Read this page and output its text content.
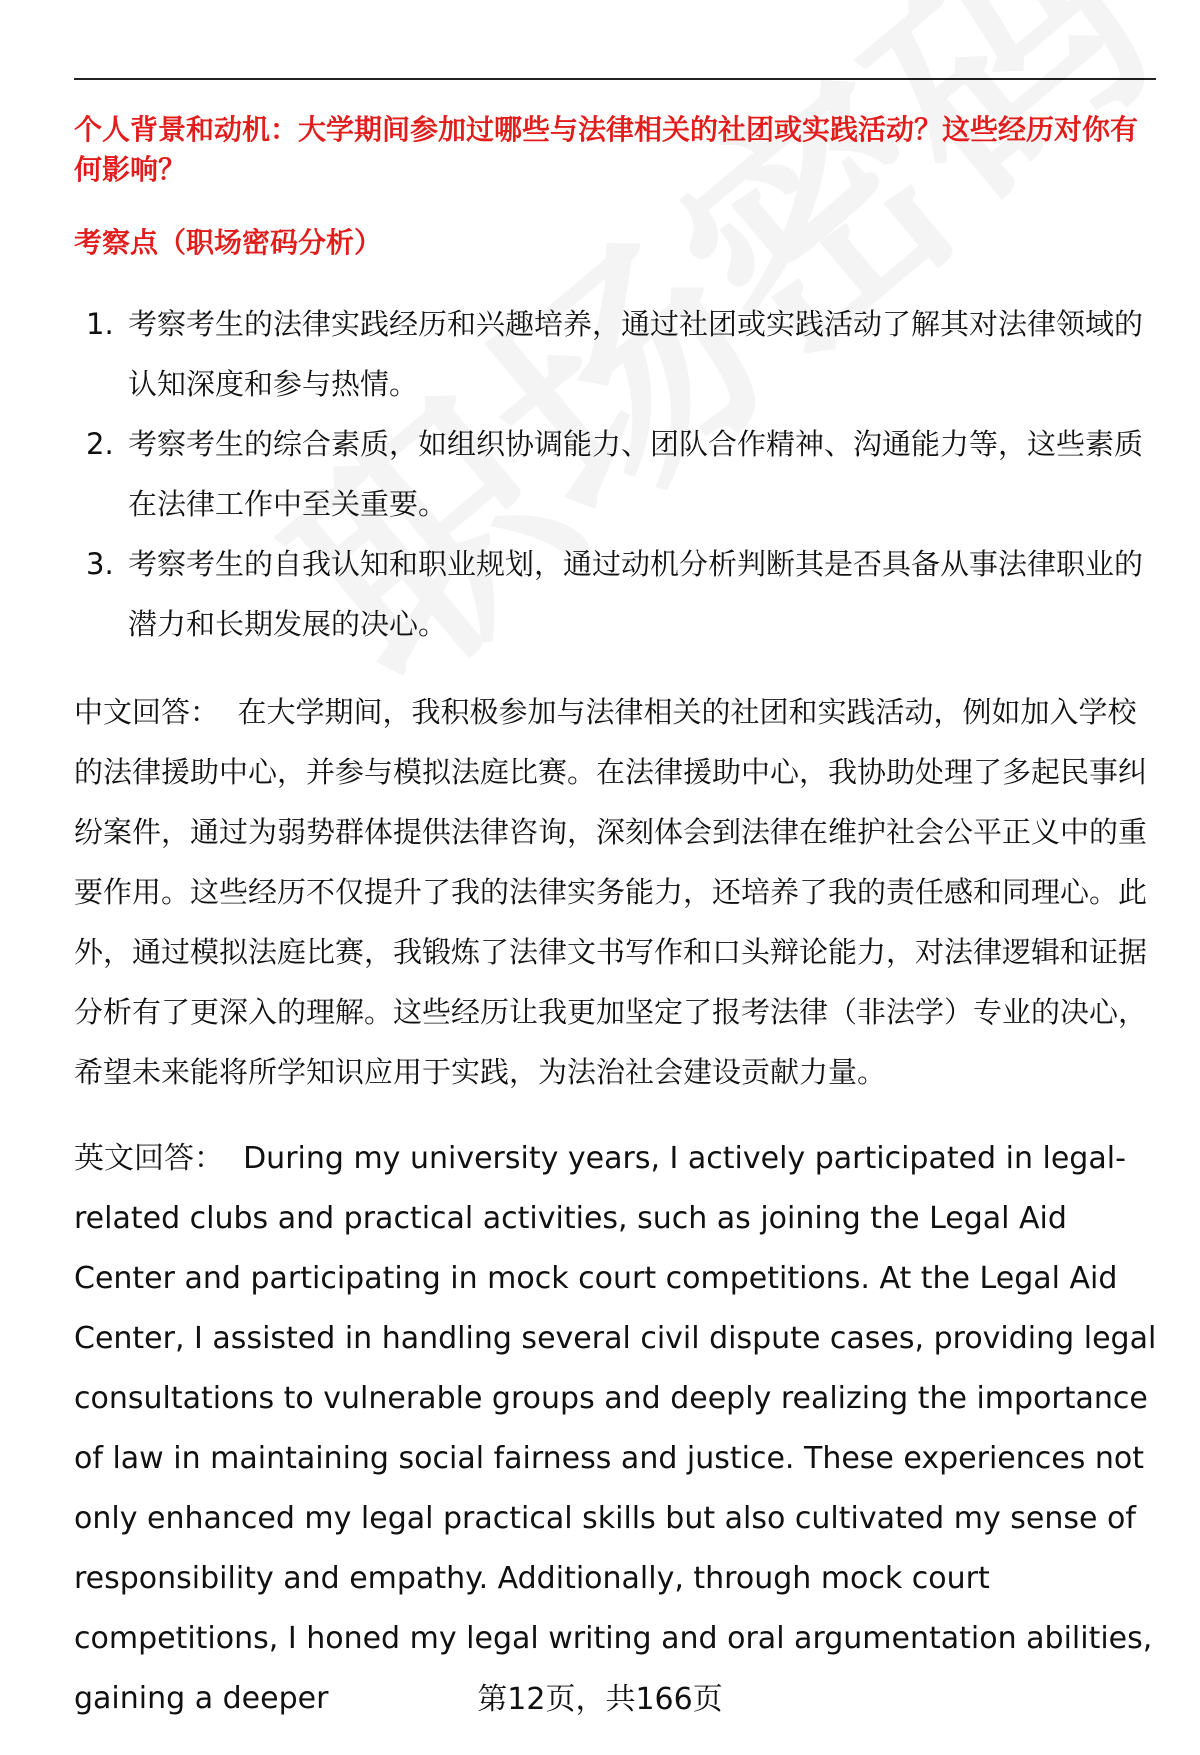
个人背景和动机：大学期间参加过哪些与法律相关的社团或实践活动？这些经历对你有何影响？
考察点（职场密码分析）
1. 考察考生的法律实践经历和兴趣培养，通过社团或实践活动了解其对法律领域的认知深度和参与热情。
2. 考察考生的综合素质，如组织协调能力、团队合作精神、沟通能力等，这些素质在法律工作中至关重要。
3. 考察考生的自我认知和职业规划，通过动机分析判断其是否具备从事法律职业的潜力和长期发展的决心。
中文回答： 在大学期间，我积极参加与法律相关的社团和实践活动，例如加入学校的法律援助中心，并参与模拟法庭比赛。在法律援助中心，我协助处理了多起民事纠纷案件，通过为弱势群体提供法律咨询，深刻体会到法律在维护社会公平正义中的重要作用。这些经历不仅提升了我的法律实务能力，还培养了我的责任感和同理心。此外，通过模拟法庭比赛，我锻炼了法律文书写作和口头辩论能力，对法律逻辑和证据分析有了更深入的理解。这些经历让我更加坚定了报考法律（非法学）专业的决心，希望未来能将所学知识应用于实践，为法治社会建设贡献力量。
英文回答： During my university years, I actively participated in legal-related clubs and practical activities, such as joining the Legal Aid Center and participating in mock court competitions. At the Legal Aid Center, I assisted in handling several civil dispute cases, providing legal consultations to vulnerable groups and deeply realizing the importance of law in maintaining social fairness and justice. These experiences not only enhanced my legal practical skills but also cultivated my sense of responsibility and empathy. Additionally, through mock court competitions, I honed my legal writing and oral argumentation abilities, gaining a deeper	第12页，共166页
